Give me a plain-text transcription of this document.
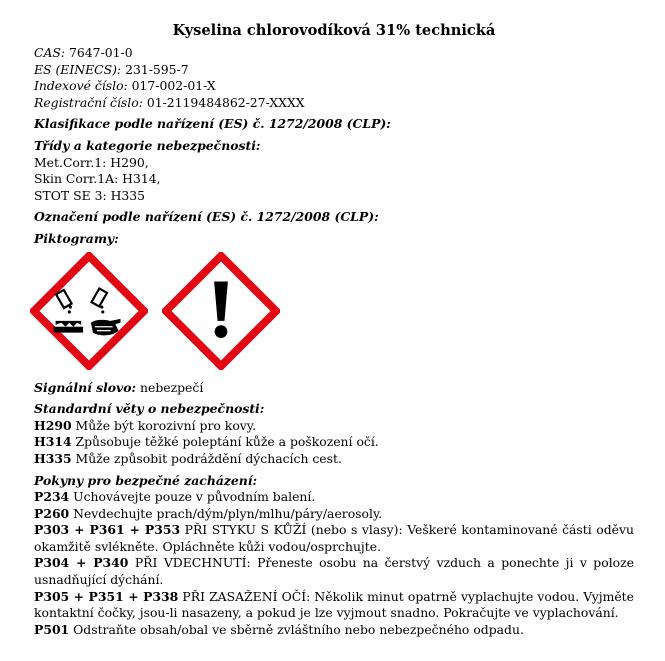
Kyselina chlorovodíková 31% technická

CAS: 7647-01-0

ES (EINECS): 231-595-7

Indexové číslo: 017-002-01-X

Registrační číslo: 01-2119484862-27-XXXX

Klasifikace podle nařízení (ES) č. 1272/2008 (CLP):

Třídy a kategorie nebezpečnosti:

Met.Corr.1: H290,

Skin Corr.1A: H314,

STOT SE 3: H335

Označení podle nařízení (ES) č. 1272/2008 (CLP):

Piktogramy:

Signální slovo: nebezpečí

Standardní věty o nebezpečnosti:

H290 Může být korozivní pro kovy.

H314 Způsobuje těžké poleptání kůže a poškození očí.

H335 Může způsobit podráždění dýchacích cest.

Pokyny pro bezpečné zacházení:

P234 Uchovávejte pouze v původním balení.

P260 Nevdechujte prach/dým/plyn/mlhu/páry/aerosoly.

P303 + P361 + P353 PŘI STYKU S KŮŽÍ (nebo s vlasy): Veškeré kontaminované části oděvu okamžitě svlékněte. Opláchněte kůži vodou/osprchujte.

P304 + P340 PŘI VDECHNUTÍ: Přeneste osobu na čerstvý vzduch a ponechte ji v poloze usnadňující dýchání.

P305 + P351 + P338 PŘI ZASAŽENÍ OČÍ: Několik minut opatrně vyplachujte vodou. Vyjměte kontaktní čočky, jsou-li nasazeny, a pokud je lze vyjmout snadno. Pokračujte ve vyplachování.

P501 Odstraňte obsah/obal ve sběrně zvláštního nebo nebezpečného odpadu.
